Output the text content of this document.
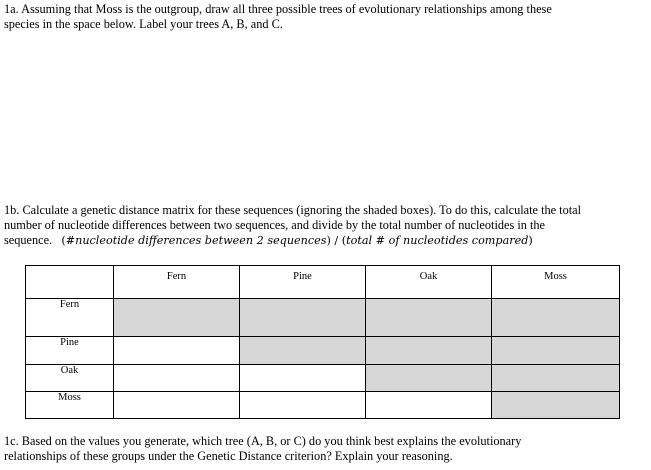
1a. Assuming that Moss is the outgroup, draw all three possible trees of evolutionary relationships among these
species in the space below. Label your trees A, B, and C.
1b. Calculate a genetic distance matrix for these sequences (ignoring the shaded boxes). To do this, calculate the total
number of nucleotide differences between two sequences, and divide by the total number of nucleotides in the
sequence. (#nucleotide differences between 2 sequences) / (total # of nucleotides compared)
	Fern	Pine	Oak	Moss
Fern				
Pine				
Oak				
Moss				
1c. Based on the values you generate, which tree (A, B, or C) do you think best explains the evolutionary
relationships of these groups under the Genetic Distance criterion? Explain your reasoning.
